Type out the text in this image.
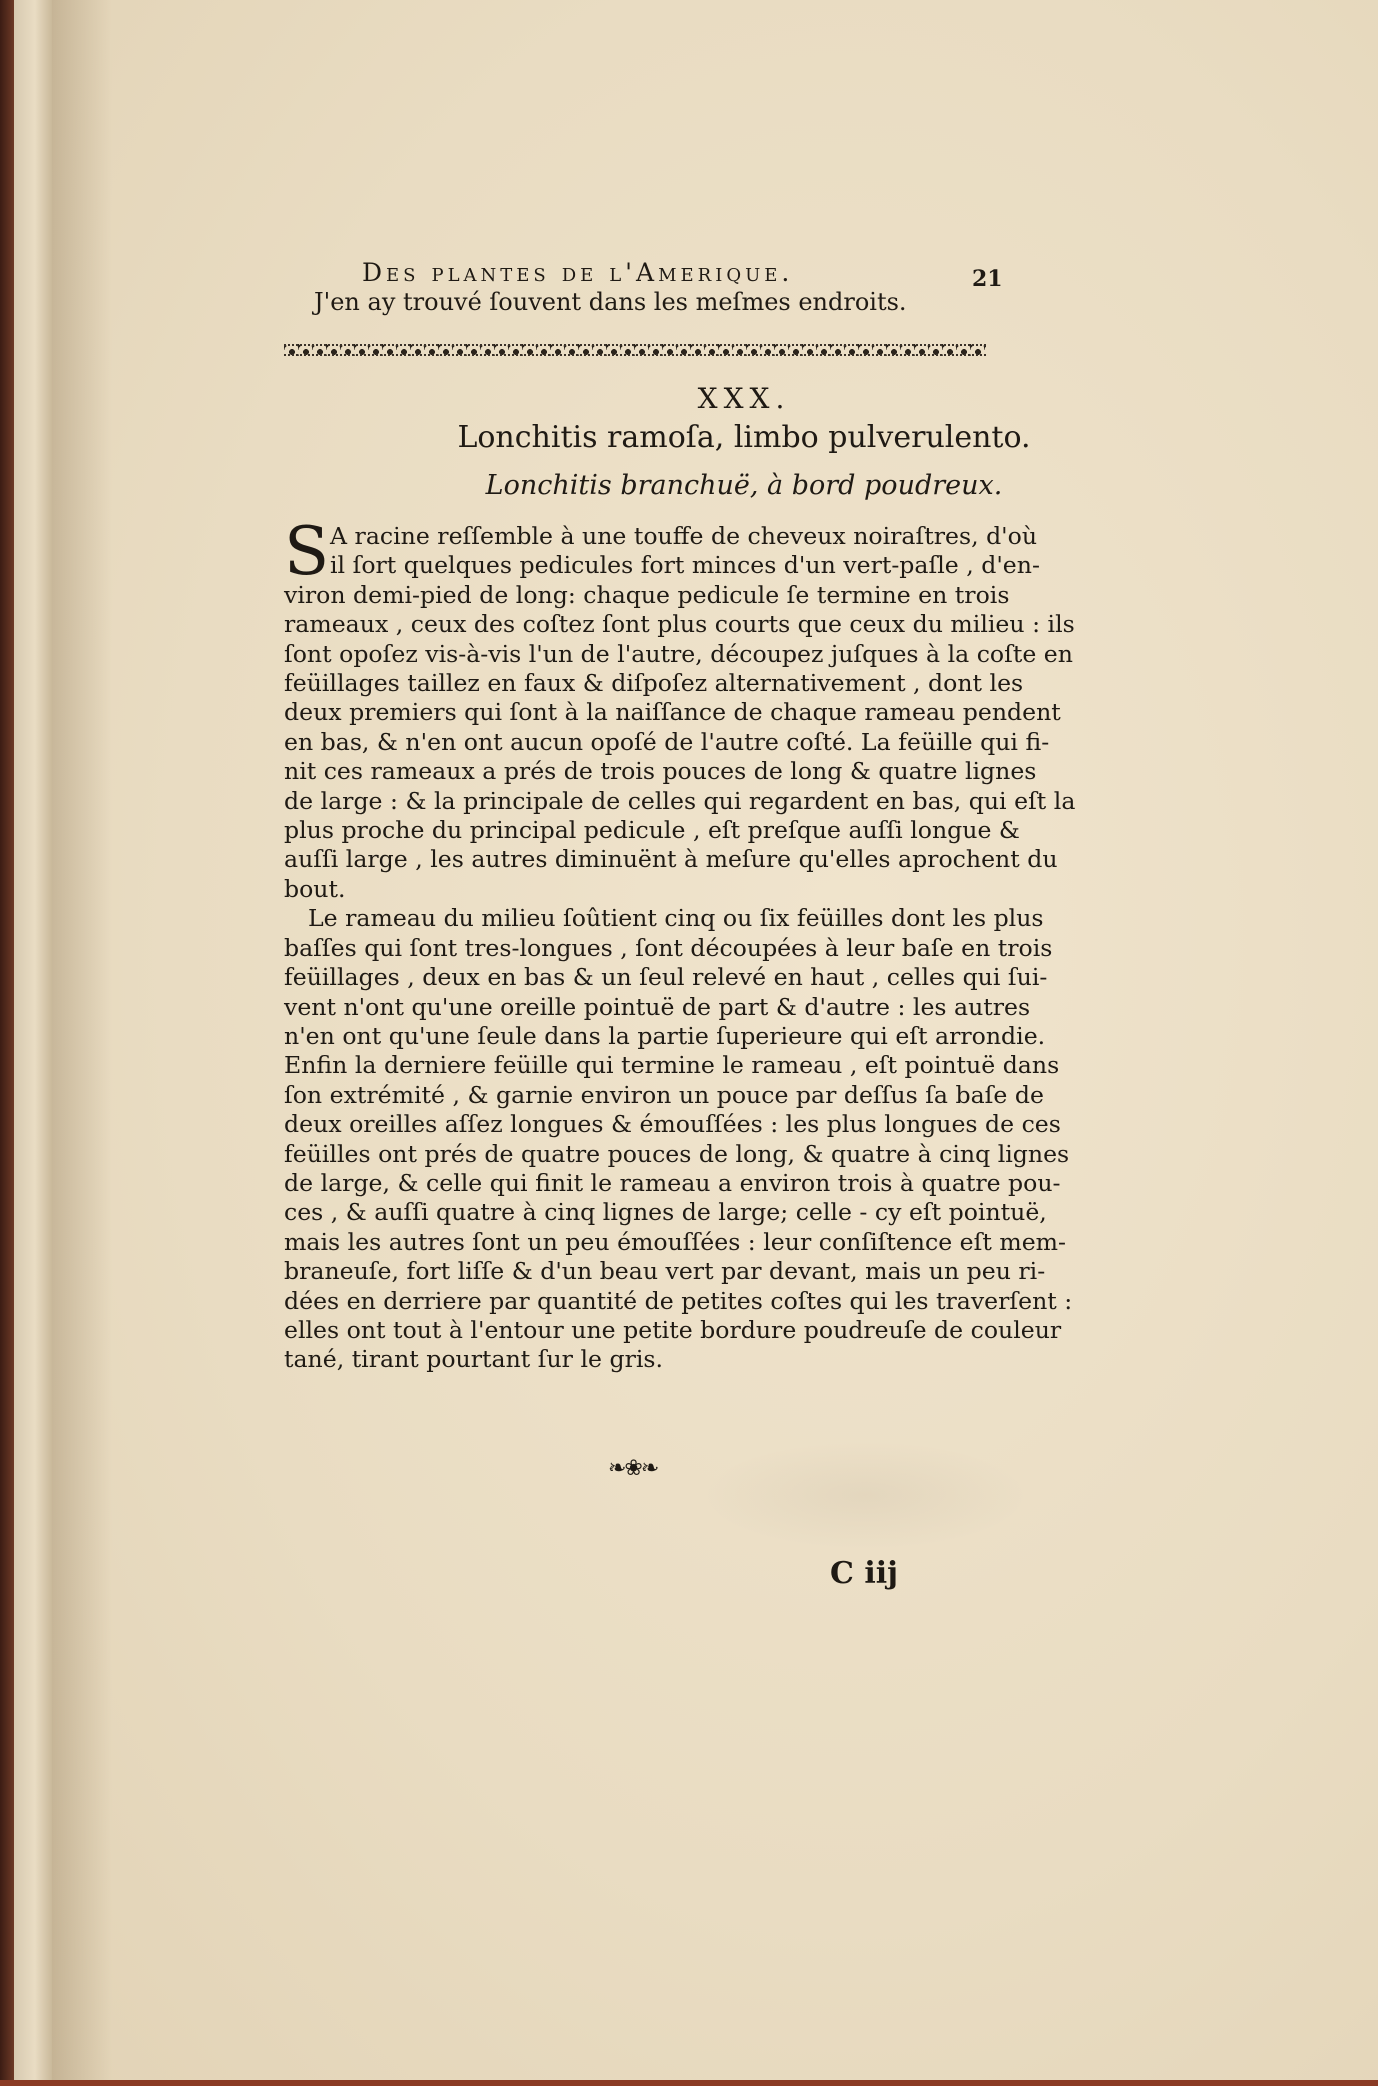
Des plantes de l'Amerique.	21
J'en ay trouvé ſouvent dans les meſmes endroits.
XXX.
Lonchitis ramoſa, limbo pulverulento.
Lonchitis branchuë, à bord poudreux.
S A racine reſſemble à une touffe de cheveux noiraſtres, d'où
il ſort quelques pedicules fort minces d'un vert-paſle , d'en-
viron demi-pied de long: chaque pedicule ſe termine en trois
rameaux , ceux des coſtez ſont plus courts que ceux du milieu : ils
ſont opoſez vis-à-vis l'un de l'autre, découpez juſques à la coſte en
feüillages taillez en faux & diſpoſez alternativement , dont les
deux premiers qui ſont à la naiſſance de chaque rameau pendent
en bas, & n'en ont aucun opoſé de l'autre coſté. La feüille qui fi-
nit ces rameaux a prés de trois pouces de long & quatre lignes
de large : & la principale de celles qui regardent en bas, qui eſt la
plus proche du principal pedicule , eſt preſque auſſi longue &
auſſi large , les autres diminuënt à meſure qu'elles aprochent du
bout.
Le rameau du milieu ſoûtient cinq ou ſix feüilles dont les plus
baſſes qui ſont tres-longues , ſont découpées à leur baſe en trois
feüillages , deux en bas & un ſeul relevé en haut , celles qui ſui-
vent n'ont qu'une oreille pointuë de part & d'autre : les autres
n'en ont qu'une ſeule dans la partie ſuperieure qui eſt arrondie.
Enfin la derniere feüille qui termine le rameau , eſt pointuë dans
ſon extrémité , & garnie environ un pouce par deſſus ſa baſe de
deux oreilles aſſez longues & émouſſées : les plus longues de ces
feüilles ont prés de quatre pouces de long, & quatre à cinq lignes
de large, & celle qui finit le rameau a environ trois à quatre pou-
ces , & auſſi quatre à cinq lignes de large; celle - cy eſt pointuë,
mais les autres ſont un peu émouſſées : leur conſiſtence eſt mem-
braneuſe, fort liſſe & d'un beau vert par devant, mais un peu ri-
dées en derriere par quantité de petites coſtes qui les traverſent :
elles ont tout à l'entour une petite bordure poudreuſe de couleur
tané, tirant pourtant ſur le gris.
❧❀❧
C iij
